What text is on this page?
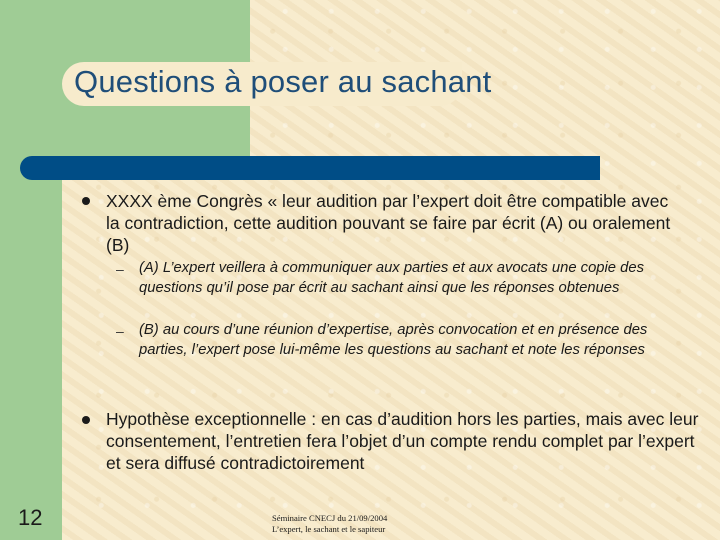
Questions à poser au sachant
XXXX ème Congrès « leur audition par l’expert doit être compatible avec la contradiction, cette audition pouvant se faire par écrit (A) ou oralement (B)
– (A) L’expert veillera à communiquer aux parties et aux avocats une copie des questions qu’il pose par écrit au sachant ainsi que les réponses obtenues
– (B) au cours d’une réunion d’expertise, après convocation et en présence des parties, l’expert pose lui-même les questions au sachant et note les réponses
Hypothèse exceptionnelle : en cas d’audition hors les parties, mais avec leur consentement, l’entretien fera l’objet d’un compte rendu complet par l’expert et sera diffusé contradictoirement
12	Séminaire CNECJ du 21/09/2004
L’expert, le sachant et le sapiteur
